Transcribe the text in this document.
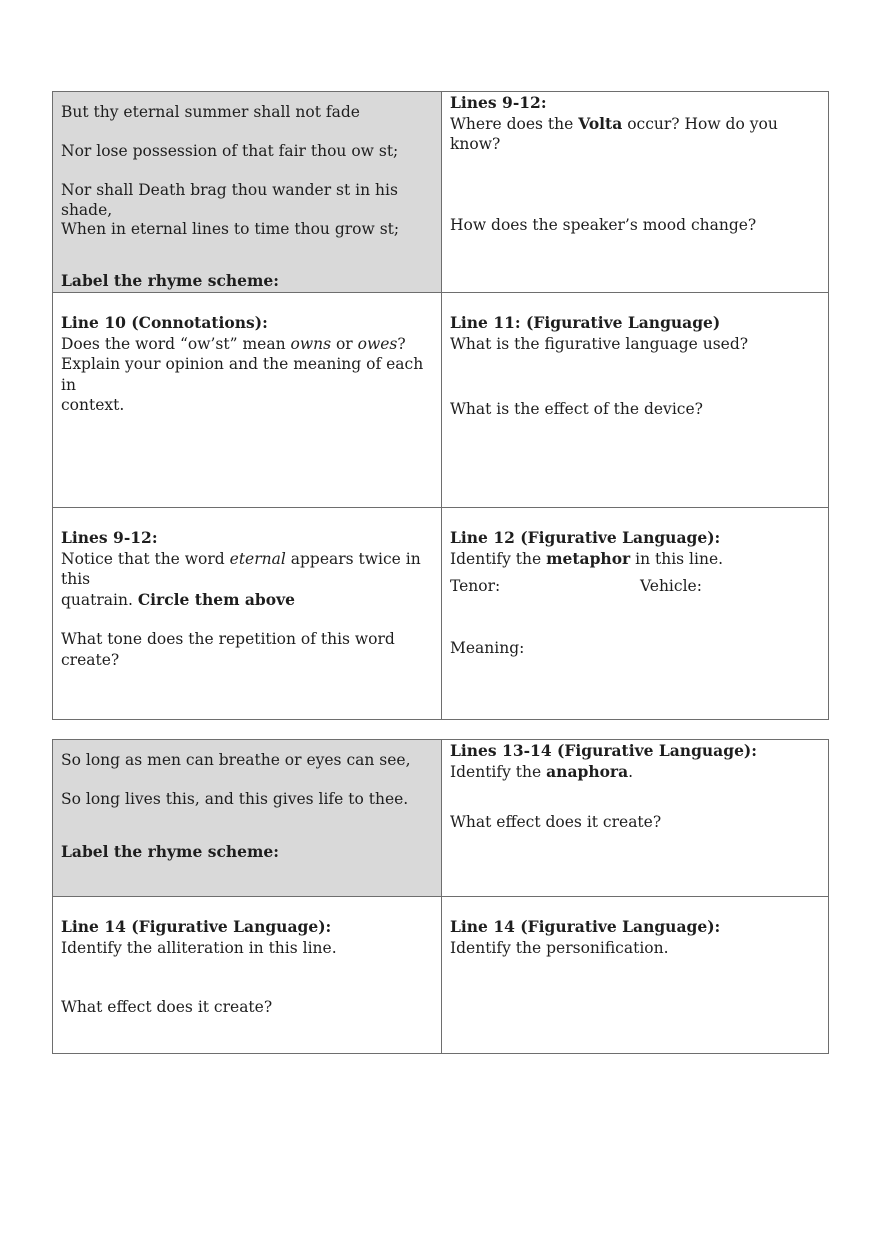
But thy eternal summer shall not fade
Nor lose possession of that fair thou ow st;
Nor shall Death brag thou wander st in his shade,
When in eternal lines to time thou grow st;
Label the rhyme scheme:
Lines 9-12:
Where does the Volta occur? How do you know?
How does the speaker’s mood change?
Line 10 (Connotations):
Does the word “ow’st” mean owns or owes?
Explain your opinion and the meaning of each in
context.
Line 11: (Figurative Language)
What is the figurative language used?
What is the effect of the device?
Lines 9-12:
Notice that the word eternal appears twice in this
quatrain. Circle them above
What tone does the repetition of this word create?
Line 12 (Figurative Language):
Identify the metaphor in this line.
Tenor:	Vehicle:
Meaning:
So long as men can breathe or eyes can see,
So long lives this, and this gives life to thee.
Label the rhyme scheme:
Lines 13-14 (Figurative Language):
Identify the anaphora.
What effect does it create?
Line 14 (Figurative Language):
Identify the alliteration in this line.
What effect does it create?
Line 14 (Figurative Language):
Identify the personification.
